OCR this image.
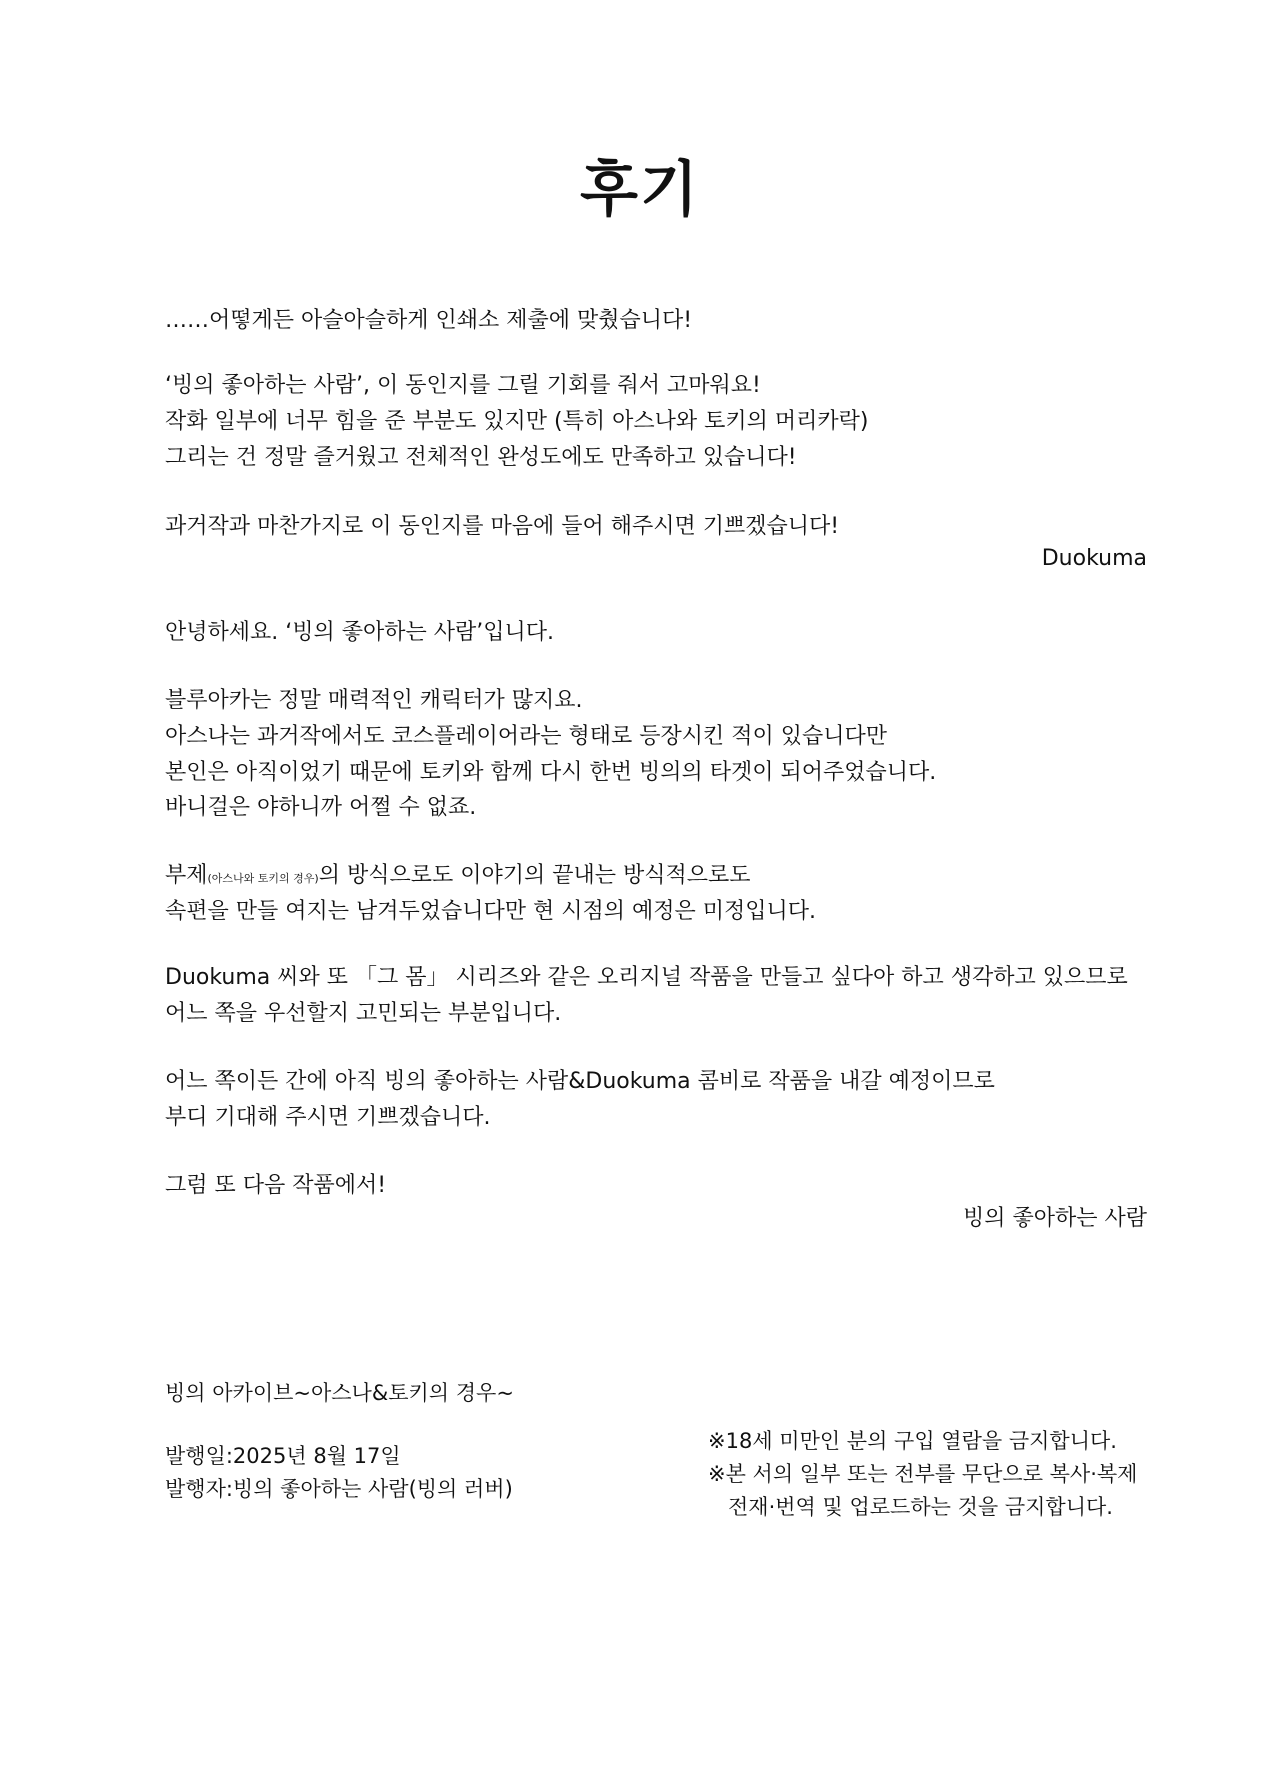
후기
……어떻게든 아슬아슬하게 인쇄소 제출에 맞췄습니다!
‘빙의 좋아하는 사람’, 이 동인지를 그릴 기회를 줘서 고마워요!
작화 일부에 너무 힘을 준 부분도 있지만 (특히 아스나와 토키의 머리카락)
그리는 건 정말 즐거웠고 전체적인 완성도에도 만족하고 있습니다!
과거작과 마찬가지로 이 동인지를 마음에 들어 해주시면 기쁘겠습니다!
Duokuma
안녕하세요. ‘빙의 좋아하는 사람’입니다.
블루아카는 정말 매력적인 캐릭터가 많지요.
아스나는 과거작에서도 코스플레이어라는 형태로 등장시킨 적이 있습니다만
본인은 아직이었기 때문에 토키와 함께 다시 한번 빙의의 타겟이 되어주었습니다.
바니걸은 야하니까 어쩔 수 없죠.
부제(아스나와 토키의 경우)의 방식으로도 이야기의 끝내는 방식적으로도
속편을 만들 여지는 남겨두었습니다만 현 시점의 예정은 미정입니다.
Duokuma 씨와 또 「그 몸」 시리즈와 같은 오리지널 작품을 만들고 싶다아 하고 생각하고 있으므로
어느 쪽을 우선할지 고민되는 부분입니다.
어느 쪽이든 간에 아직 빙의 좋아하는 사람&Duokuma 콤비로 작품을 내갈 예정이므로
부디 기대해 주시면 기쁘겠습니다.
그럼 또 다음 작품에서!
빙의 좋아하는 사람
빙의 아카이브~아스나&토키의 경우~
발행일:2025년 8월 17일
발행자:빙의 좋아하는 사람(빙의 러버)
※18세 미만인 분의 구입 열람을 금지합니다.
※본 서의 일부 또는 전부를 무단으로 복사·복제
전재·번역 및 업로드하는 것을 금지합니다.
